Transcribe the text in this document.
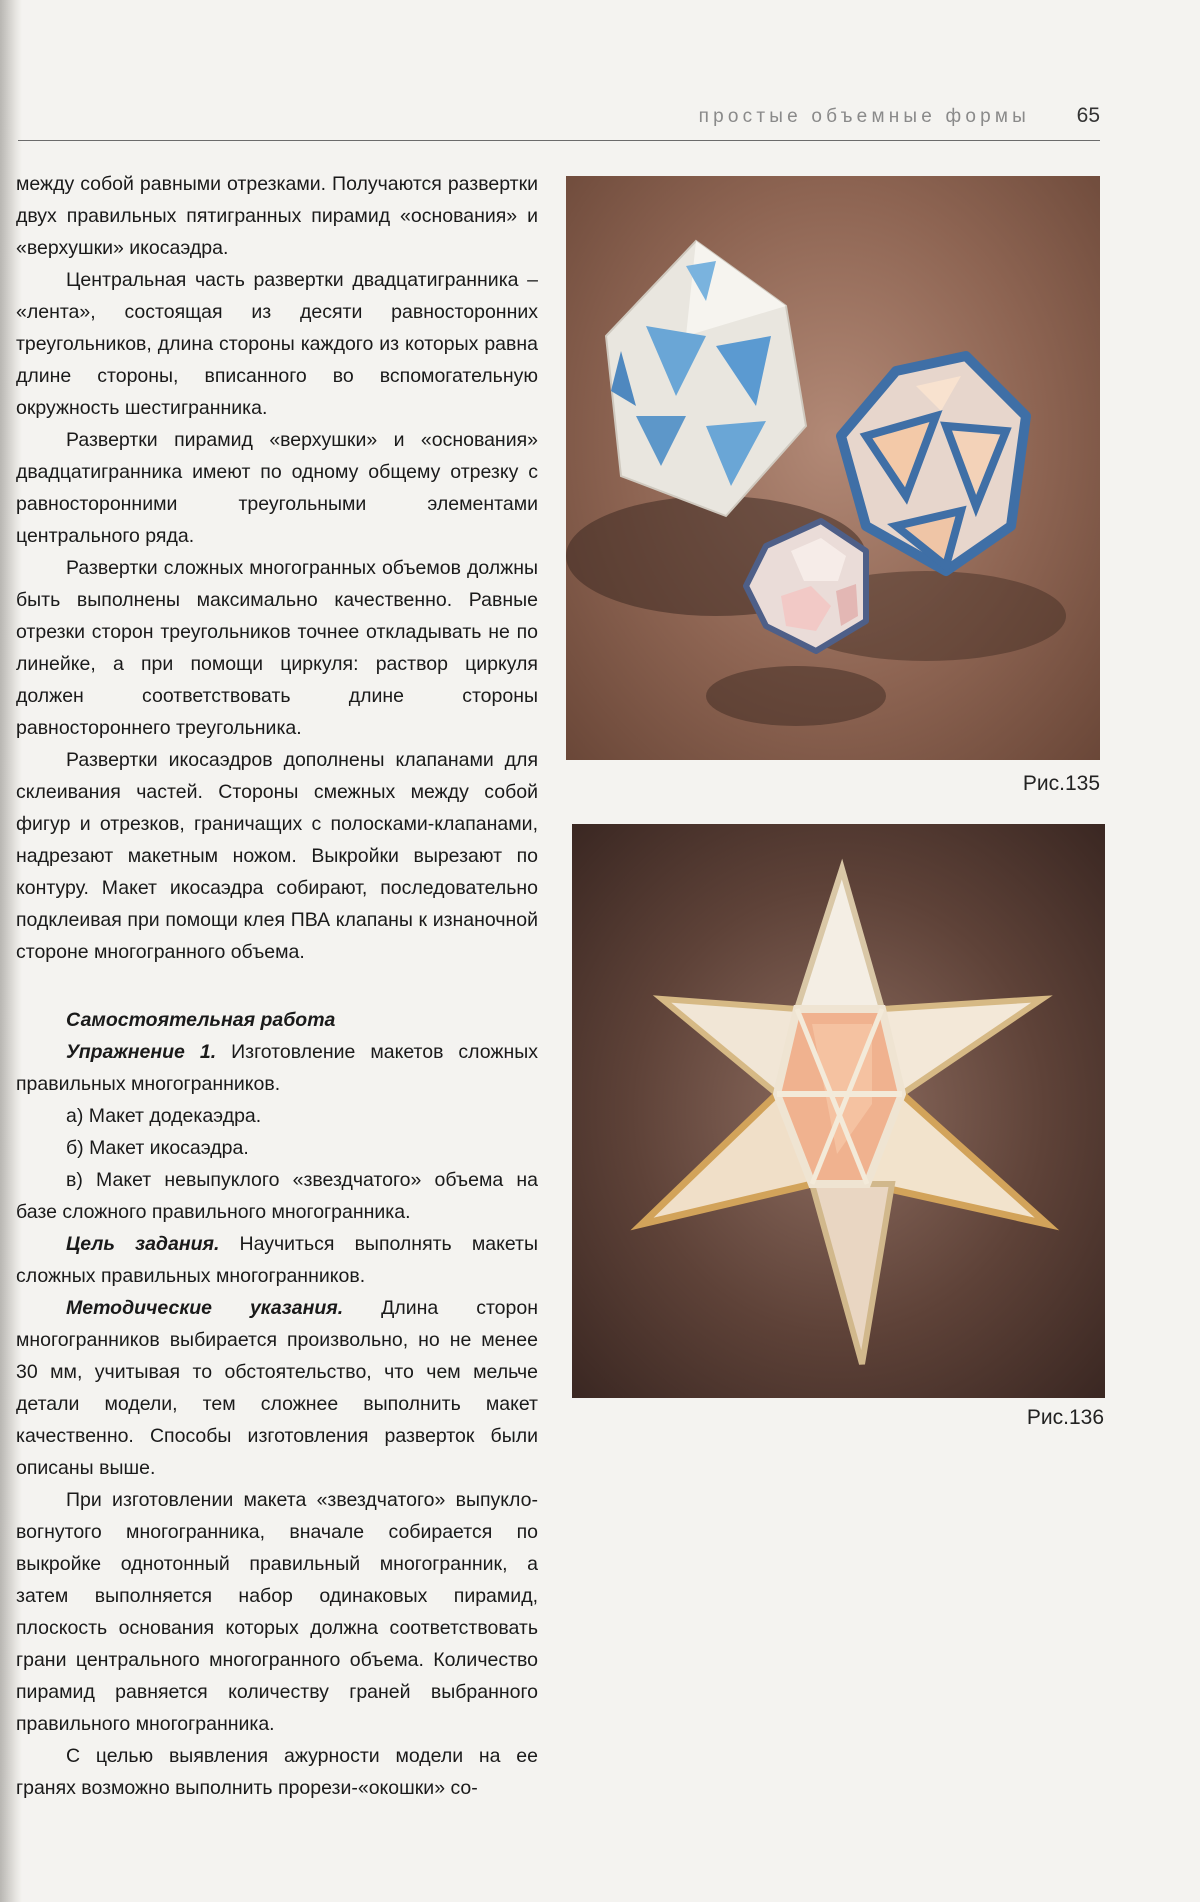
простые объемные формы	65

между собой равными отрезками. Получаются развертки двух правильных пятигранных пирамид «основания» и «верхушки» икосаэдра.

Центральная часть развертки двадцатигранника – «лента», состоящая из десяти равносторонних треугольников, длина стороны каждого из которых равна длине стороны, вписанного во вспомогательную окружность шестигранника.

Развертки пирамид «верхушки» и «основания» двадцатигранника имеют по одному общему отрезку с равносторонними треугольными элементами центрального ряда.

Развертки сложных многогранных объемов должны быть выполнены максимально качественно. Равные отрезки сторон треугольников точнее откладывать не по линейке, а при помощи циркуля: раствор циркуля должен соответствовать длине стороны равностороннего треугольника.

Развертки икосаэдров дополнены клапанами для склеивания частей. Стороны смежных между собой фигур и отрезков, граничащих с полосками-клапанами, надрезают макетным ножом. Выкройки вырезают по контуру. Макет икосаэдра собирают, последовательно подклеивая при помощи клея ПВА клапаны к изнаночной стороне многогранного объема.

Самостоятельная работа

Упражнение 1. Изготовление макетов сложных правильных многогранников.

а) Макет додекаэдра.

б) Макет икосаэдра.

в) Макет невыпуклого «звездчатого» объема на базе сложного правильного многогранника.

Цель задания. Научиться выполнять макеты сложных правильных многогранников.

Методические указания. Длина сторон многогранников выбирается произвольно, но не менее 30 мм, учитывая то обстоятельство, что чем мельче детали модели, тем сложнее выполнить макет качественно. Способы изготовления разверток были описаны выше.

При изготовлении макета «звездчатого» выпукло-вогнутого многогранника, вначале собирается по выкройке однотонный правильный многогранник, а затем выполняется набор одинаковых пирамид, плоскость основания которых должна соответствовать грани центрального многогранного объема. Количество пирамид равняется количеству граней выбранного правильного многогранника.

С целью выявления ажурности модели на ее гранях возможно выполнить прорези-«окошки» со-

Рис.135
Рис.136
